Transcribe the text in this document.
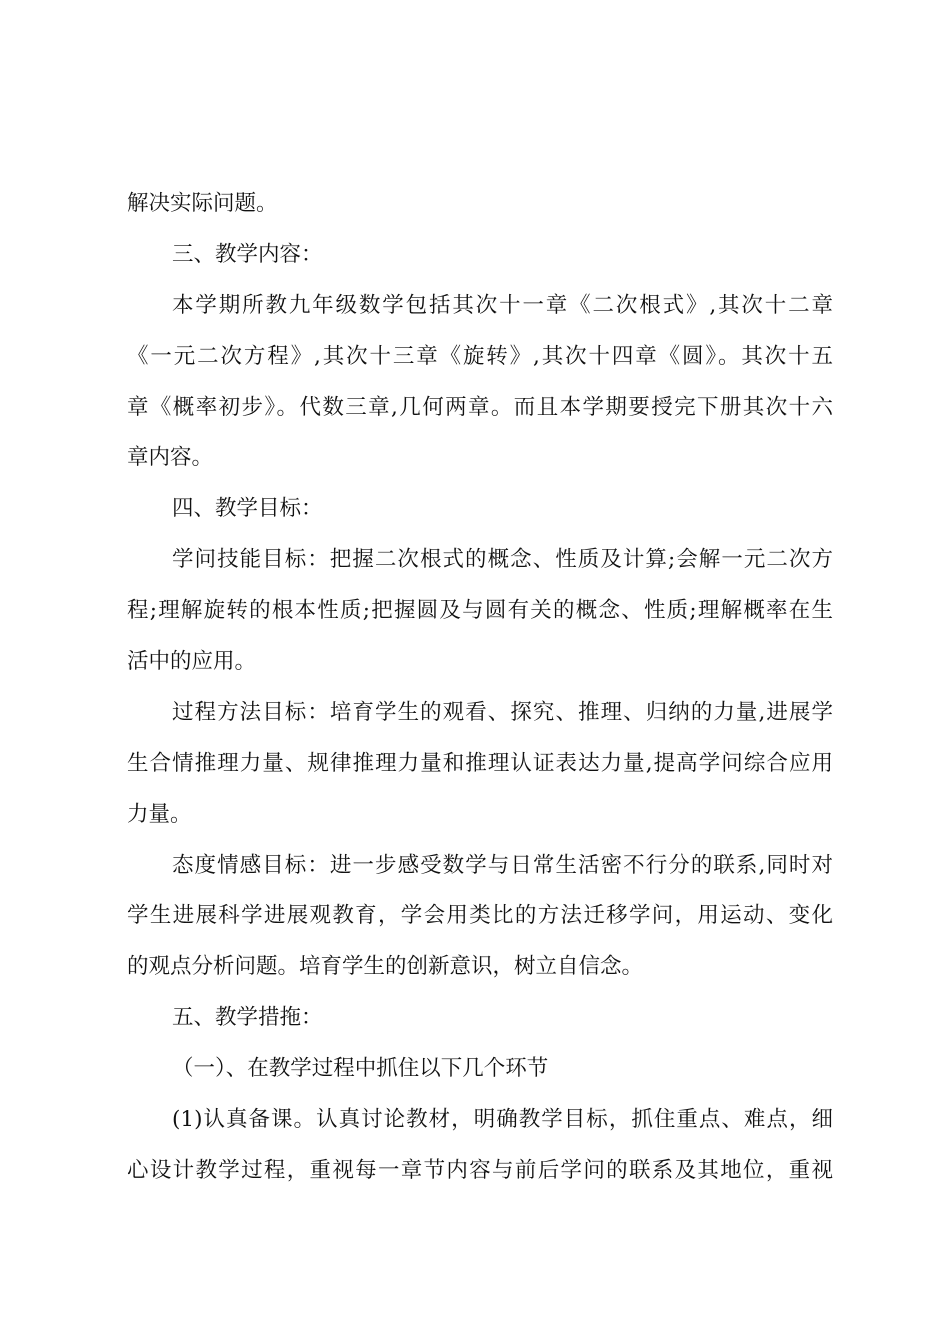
解决实际问题。
三、教学内容：
本学期所教九年级数学包括其次十一章《二次根式》,其次十二章
《一元二次方程》,其次十三章《旋转》,其次十四章《圆》。其次十五
章《概率初步》。代数三章,几何两章。而且本学期要授完下册其次十六
章内容。
四、教学目标：
学问技能目标：把握二次根式的概念、性质及计算;会解一元二次方
程;理解旋转的根本性质;把握圆及与圆有关的概念、性质;理解概率在生
活中的应用。
过程方法目标：培育学生的观看、探究、推理、归纳的力量,进展学
生合情推理力量、规律推理力量和推理认证表达力量,提高学问综合应用
力量。
态度情感目标：进一步感受数学与日常生活密不行分的联系,同时对
学生进展科学进展观教育，学会用类比的方法迁移学问，用运动、变化
的观点分析问题。培育学生的创新意识，树立自信念。
五、教学措拖：
（一）、在教学过程中抓住以下几个环节
(1)认真备课。认真讨论教材，明确教学目标，抓住重点、难点，细
心设计教学过程，重视每一章节内容与前后学问的联系及其地位，重视
